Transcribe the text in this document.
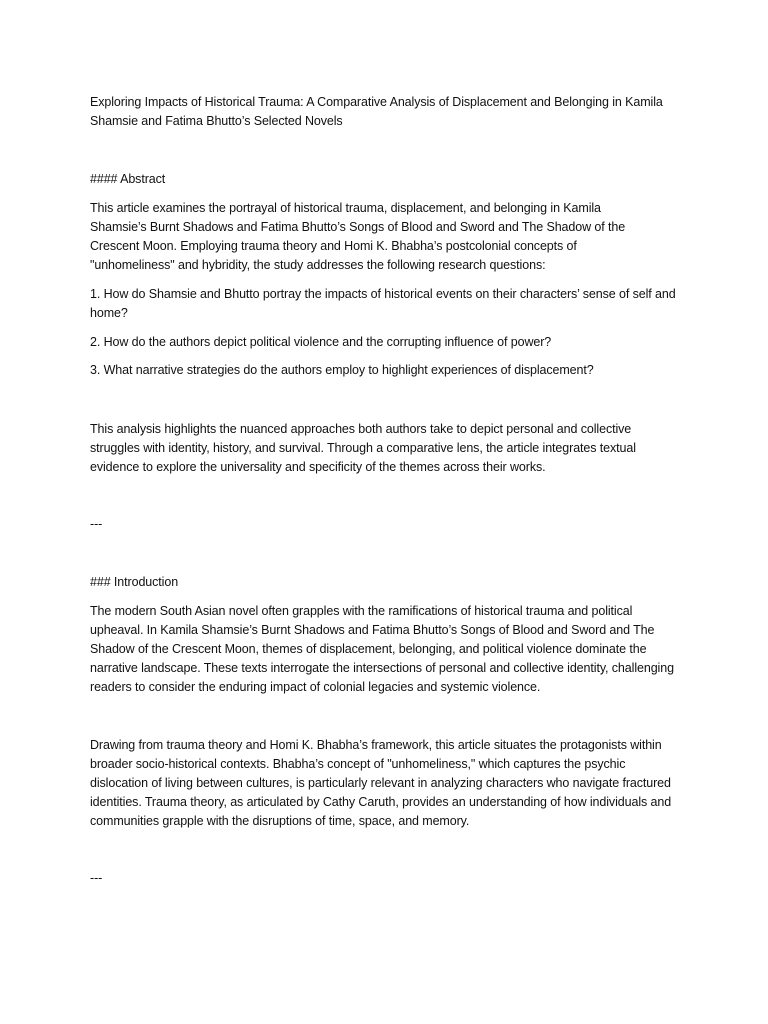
Exploring Impacts of Historical Trauma: A Comparative Analysis of Displacement and Belonging in Kamila Shamsie and Fatima Bhutto’s Selected Novels

#### Abstract

This article examines the portrayal of historical trauma, displacement, and belonging in Kamila Shamsie’s Burnt Shadows and Fatima Bhutto’s Songs of Blood and Sword and The Shadow of the Crescent Moon. Employing trauma theory and Homi K. Bhabha’s postcolonial concepts of "unhomeliness" and hybridity, the study addresses the following research questions:

1. How do Shamsie and Bhutto portray the impacts of historical events on their characters’ sense of self and home?

2. How do the authors depict political violence and the corrupting influence of power?

3. What narrative strategies do the authors employ to highlight experiences of displacement?

This analysis highlights the nuanced approaches both authors take to depict personal and collective struggles with identity, history, and survival. Through a comparative lens, the article integrates textual evidence to explore the universality and specificity of the themes across their works.

---

### Introduction

The modern South Asian novel often grapples with the ramifications of historical trauma and political upheaval. In Kamila Shamsie’s Burnt Shadows and Fatima Bhutto’s Songs of Blood and Sword and The Shadow of the Crescent Moon, themes of displacement, belonging, and political violence dominate the narrative landscape. These texts interrogate the intersections of personal and collective identity, challenging readers to consider the enduring impact of colonial legacies and systemic violence.

Drawing from trauma theory and Homi K. Bhabha’s framework, this article situates the protagonists within broader socio-historical contexts. Bhabha’s concept of "unhomeliness," which captures the psychic dislocation of living between cultures, is particularly relevant in analyzing characters who navigate fractured identities. Trauma theory, as articulated by Cathy Caruth, provides an understanding of how individuals and communities grapple with the disruptions of time, space, and memory.

---
